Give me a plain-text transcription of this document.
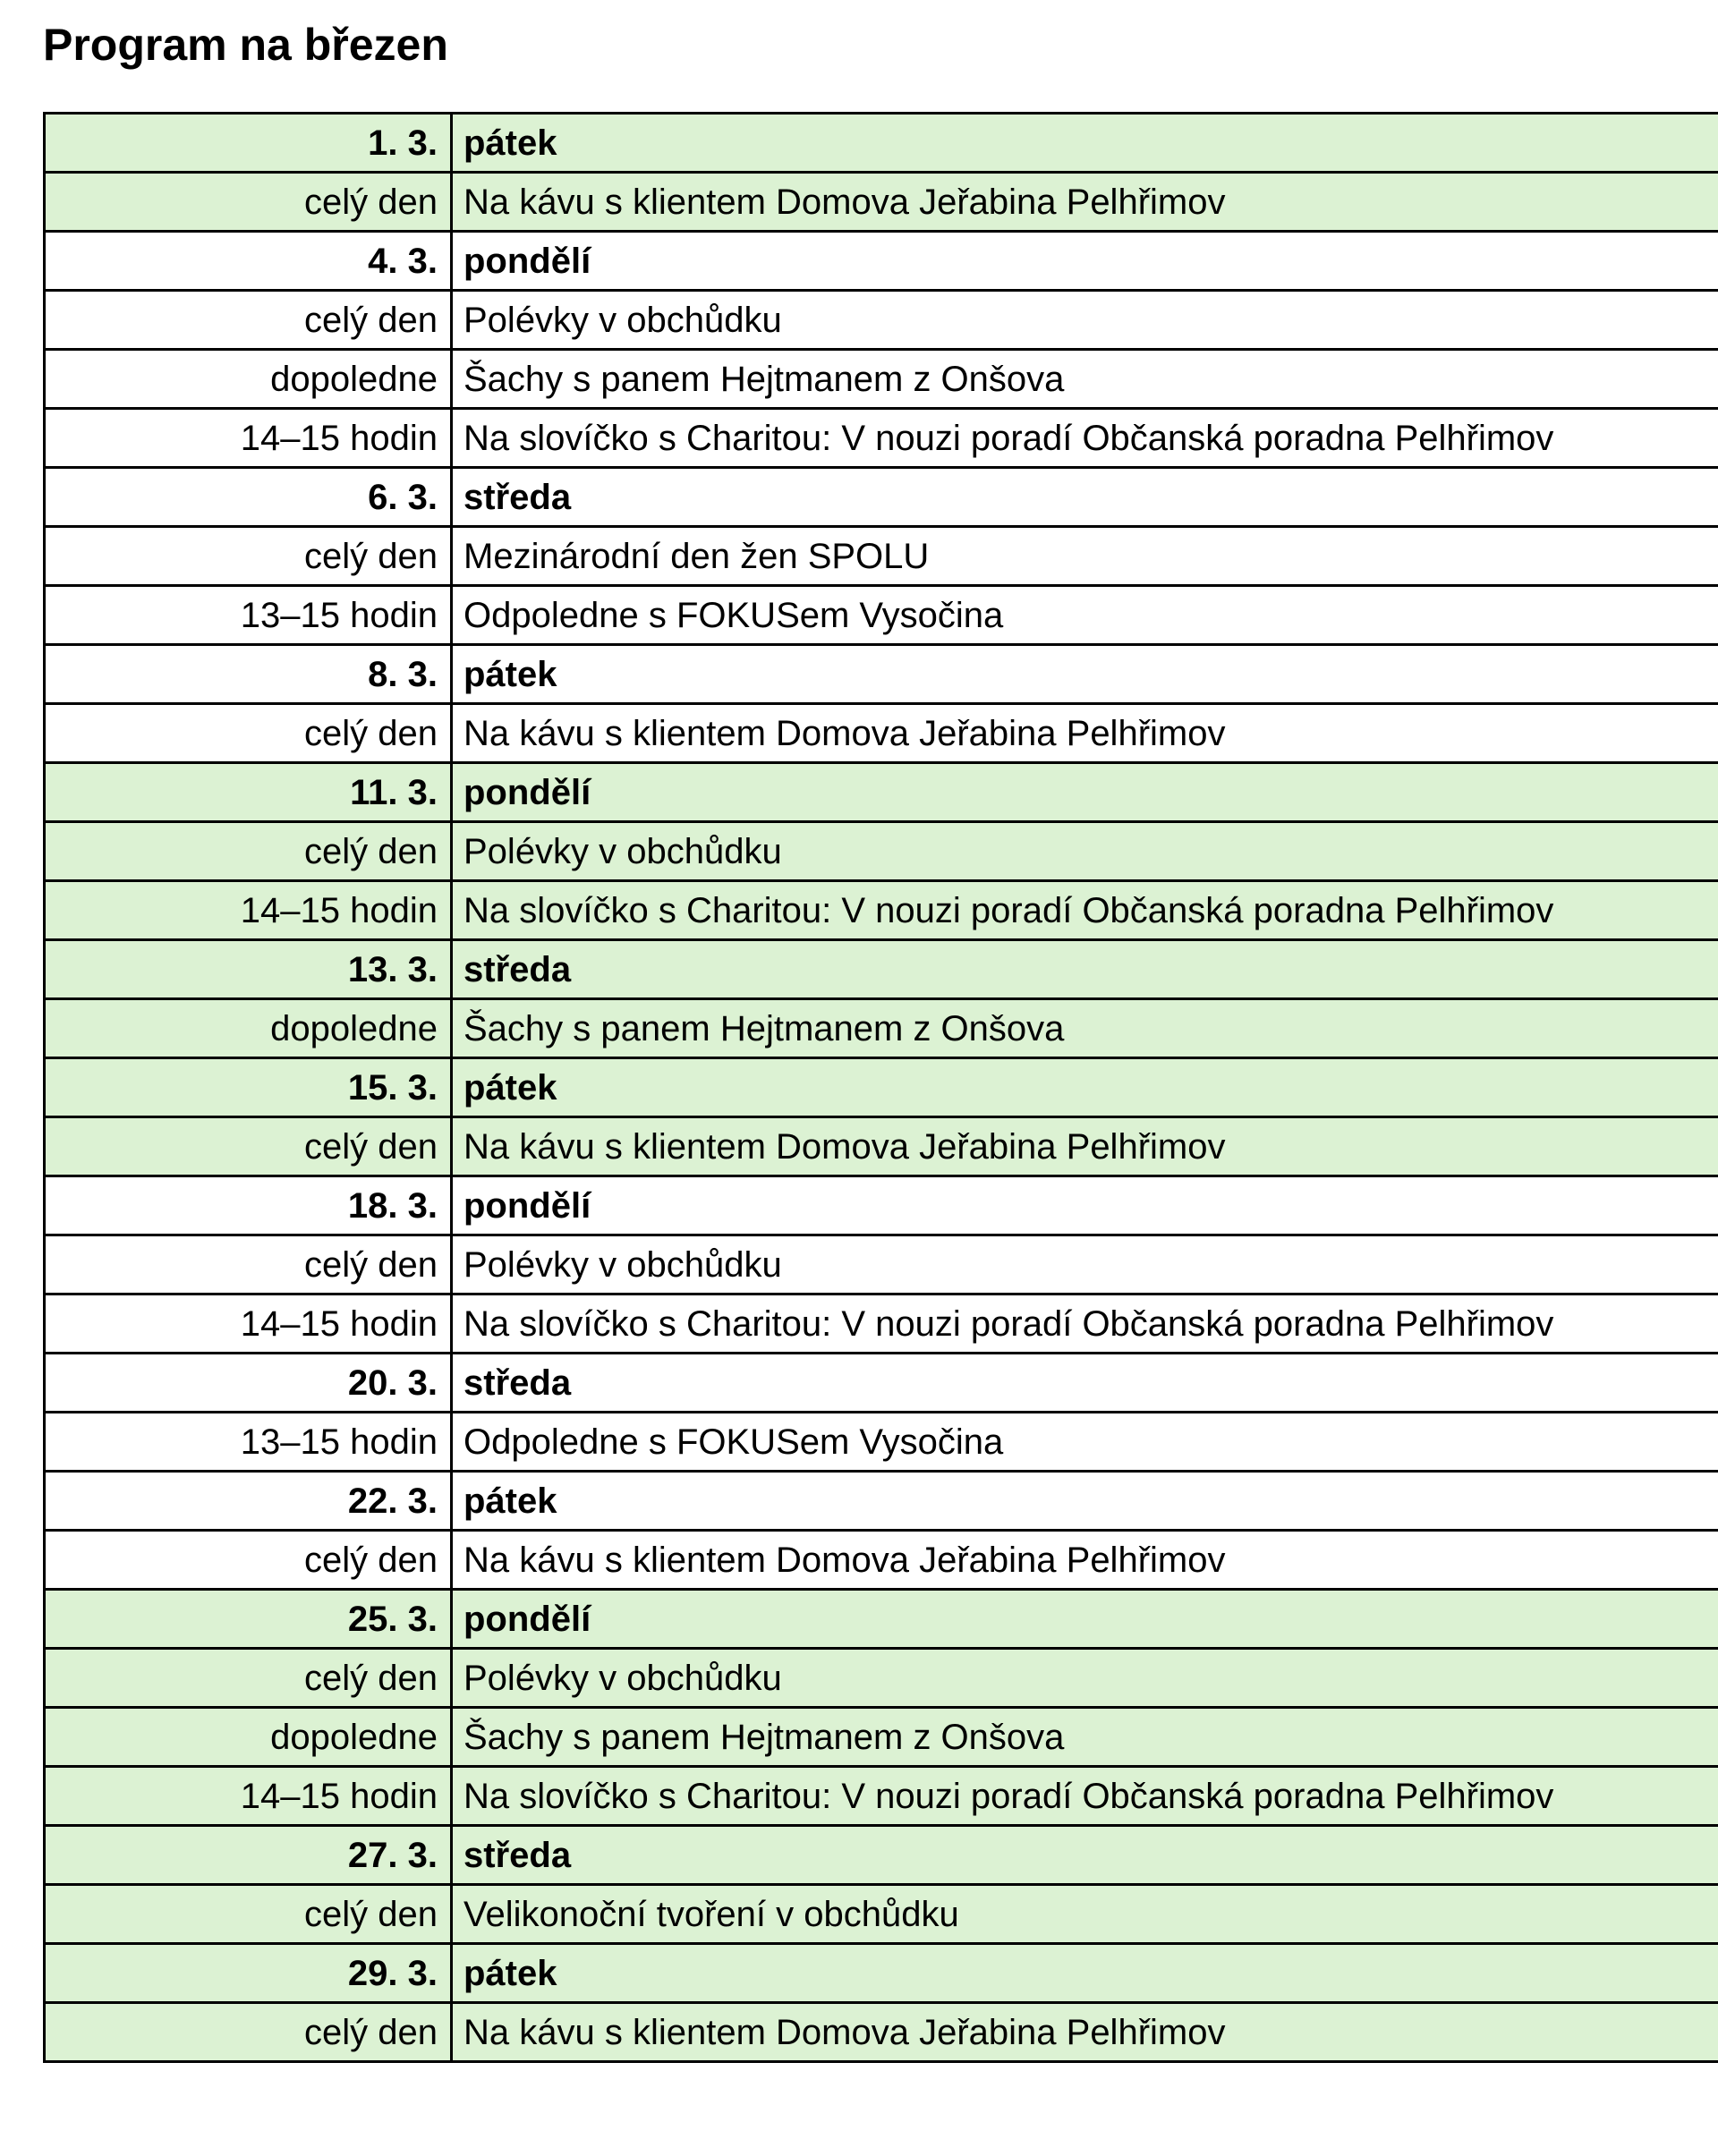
Program na březen
1. 3.	pátek
celý den	Na kávu s klientem Domova Jeřabina Pelhřimov
4. 3.	pondělí
celý den	Polévky v obchůdku
dopoledne	Šachy s panem Hejtmanem z Onšova
14–15 hodin	Na slovíčko s Charitou: V nouzi poradí Občanská poradna Pelhřimov
6. 3.	středa
celý den	Mezinárodní den žen SPOLU
13–15 hodin	Odpoledne s FOKUSem Vysočina
8. 3.	pátek
celý den	Na kávu s klientem Domova Jeřabina Pelhřimov
11. 3.	pondělí
celý den	Polévky v obchůdku
14–15 hodin	Na slovíčko s Charitou: V nouzi poradí Občanská poradna Pelhřimov
13. 3.	středa
dopoledne	Šachy s panem Hejtmanem z Onšova
15. 3.	pátek
celý den	Na kávu s klientem Domova Jeřabina Pelhřimov
18. 3.	pondělí
celý den	Polévky v obchůdku
14–15 hodin	Na slovíčko s Charitou: V nouzi poradí Občanská poradna Pelhřimov
20. 3.	středa
13–15 hodin	Odpoledne s FOKUSem Vysočina
22. 3.	pátek
celý den	Na kávu s klientem Domova Jeřabina Pelhřimov
25. 3.	pondělí
celý den	Polévky v obchůdku
dopoledne	Šachy s panem Hejtmanem z Onšova
14–15 hodin	Na slovíčko s Charitou: V nouzi poradí Občanská poradna Pelhřimov
27. 3.	středa
celý den	Velikonoční tvoření v obchůdku
29. 3.	pátek
celý den	Na kávu s klientem Domova Jeřabina Pelhřimov
